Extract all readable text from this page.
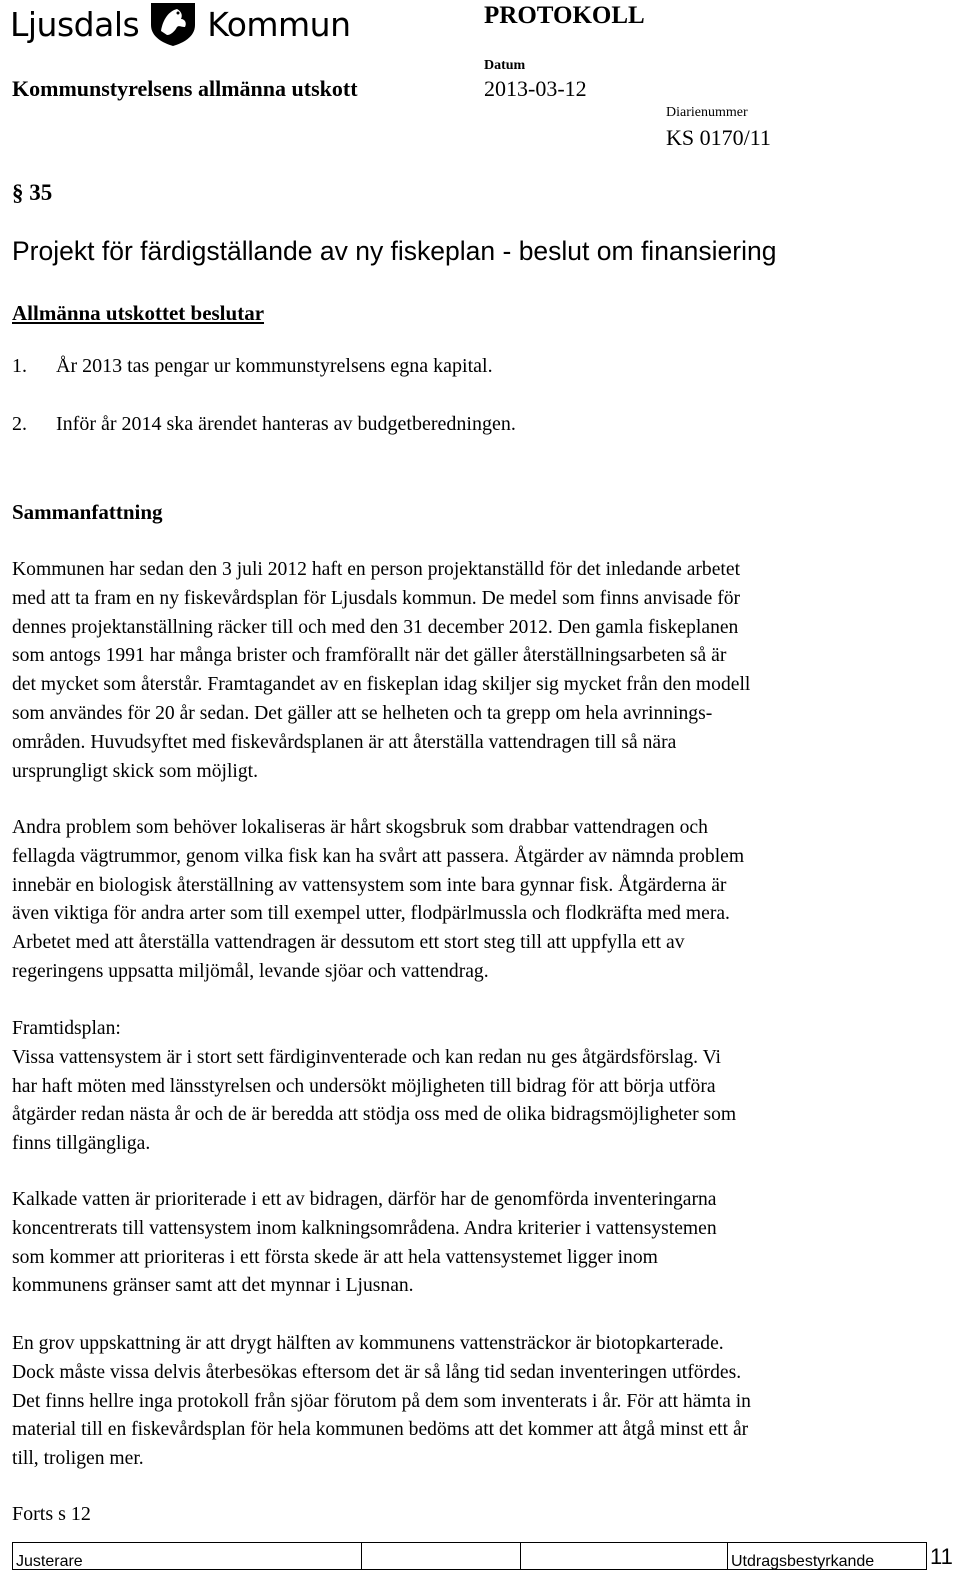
Ljusdals Kommun	PROTOKOLL
Kommunstyrelsens allmänna utskott
Datum
2013-03-12
Diarienummer
KS 0170/11
§ 35
Projekt för färdigställande av ny fiskeplan - beslut om finansiering
Allmänna utskottet beslutar
1. År 2013 tas pengar ur kommunstyrelsens egna kapital.
2. Inför år 2014 ska ärendet hanteras av budgetberedningen.
Sammanfattning

Kommunen har sedan den 3 juli 2012 haft en person projektanställd för det inledande arbetet

med att ta fram en ny fiskevårdsplan för Ljusdals kommun. De medel som finns anvisade för

dennes projektanställning räcker till och med den 31 december 2012. Den gamla fiskeplanen

som antogs 1991 har många brister och framförallt när det gäller återställningsarbeten så är

det mycket som återstår. Framtagandet av en fiskeplan idag skiljer sig mycket från den modell

som användes för 20 år sedan. Det gäller att se helheten och ta grepp om hela avrinnings-

områden. Huvudsyftet med fiskevårdsplanen är att återställa vattendragen till så nära

ursprungligt skick som möjligt.

Andra problem som behöver lokaliseras är hårt skogsbruk som drabbar vattendragen och

fellagda vägtrummor, genom vilka fisk kan ha svårt att passera. Åtgärder av nämnda problem

innebär en biologisk återställning av vattensystem som inte bara gynnar fisk. Åtgärderna är

även viktiga för andra arter som till exempel utter, flodpärlmussla och flodkräfta med mera.

Arbetet med att återställa vattendragen är dessutom ett stort steg till att uppfylla ett av

regeringens uppsatta miljömål, levande sjöar och vattendrag.

Framtidsplan:

Vissa vattensystem är i stort sett färdiginventerade och kan redan nu ges åtgärdsförslag. Vi

har haft möten med länsstyrelsen och undersökt möjligheten till bidrag för att börja utföra

åtgärder redan nästa år och de är beredda att stödja oss med de olika bidragsmöjligheter som

finns tillgängliga.

Kalkade vatten är prioriterade i ett av bidragen, därför har de genomförda inventeringarna

koncentrerats till vattensystem inom kalkningsområdena. Andra kriterier i vattensystemen

som kommer att prioriteras i ett första skede är att hela vattensystemet ligger inom

kommunens gränser samt att det mynnar i Ljusnan.

En grov uppskattning är att drygt hälften av kommunens vattensträckor är biotopkarterade.

Dock måste vissa delvis återbesökas eftersom det är så lång tid sedan inventeringen utfördes.

Det finns hellre inga protokoll från sjöar förutom på dem som inventerats i år. För att hämta in

material till en fiskevårdsplan för hela kommunen bedöms att det kommer att åtgå minst ett år

till, troligen mer.

Forts s 12
Justerare	Utdragsbestyrkande	11
